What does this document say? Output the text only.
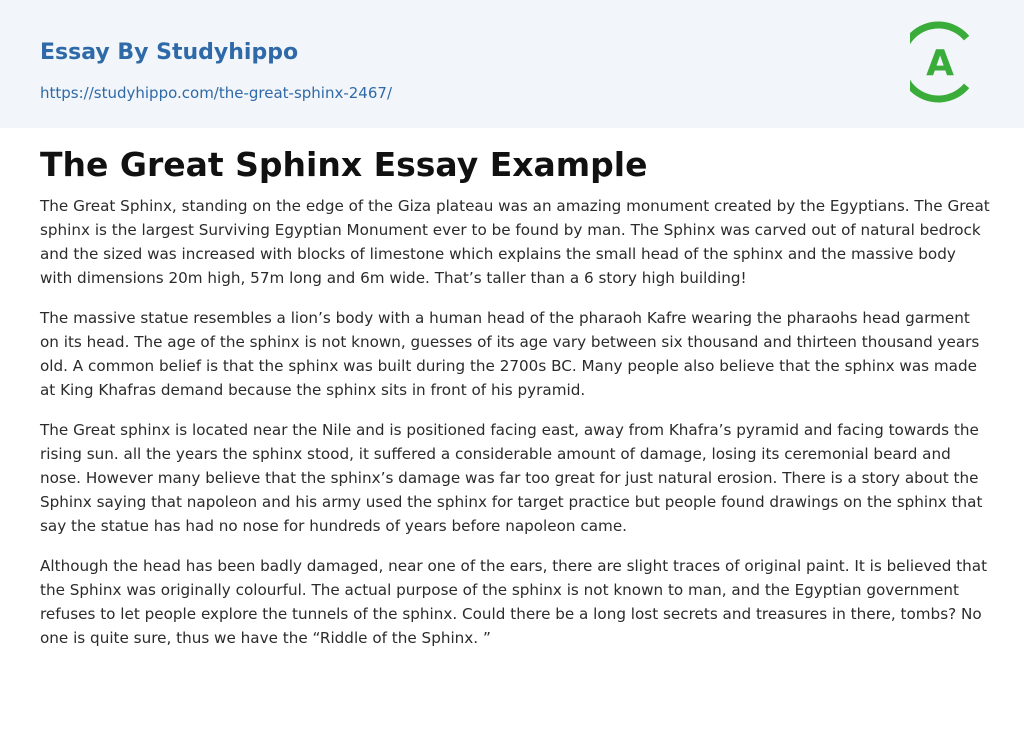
Essay By Studyhippo
https://studyhippo.com/the-great-sphinx-2467/
A
The Great Sphinx Essay Example

The Great Sphinx, standing on the edge of the Giza plateau was an amazing monument created by the Egyptians. The Great sphinx is the largest Surviving Egyptian Monument ever to be found by man. The Sphinx was carved out of natural bedrock and the sized was increased with blocks of limestone which explains the small head of the sphinx and the massive body with dimensions 20m high, 57m long and 6m wide. That’s taller than a 6 story high building!

The massive statue resembles a lion’s body with a human head of the pharaoh Kafre wearing the pharaohs head garment on its head. The age of the sphinx is not known, guesses of its age vary between six thousand and thirteen thousand years old. A common belief is that the sphinx was built during the 2700s BC. Many people also believe that the sphinx was made at King Khafras demand because the sphinx sits in front of his pyramid.

The Great sphinx is located near the Nile and is positioned facing east, away from Khafra’s pyramid and facing towards the rising sun. all the years the sphinx stood, it suffered a considerable amount of damage, losing its ceremonial beard and nose. However many believe that the sphinx’s damage was far too great for just natural erosion. There is a story about the Sphinx saying that napoleon and his army used the sphinx for target practice but people found drawings on the sphinx that say the statue has had no nose for hundreds of years before napoleon came.

Although the head has been badly damaged, near one of the ears, there are slight traces of original paint. It is believed that the Sphinx was originally colourful. The actual purpose of the sphinx is not known to man, and the Egyptian government refuses to let people explore the tunnels of the sphinx. Could there be a long lost secrets and treasures in there, tombs? No one is quite sure, thus we have the “Riddle of the Sphinx. ”
